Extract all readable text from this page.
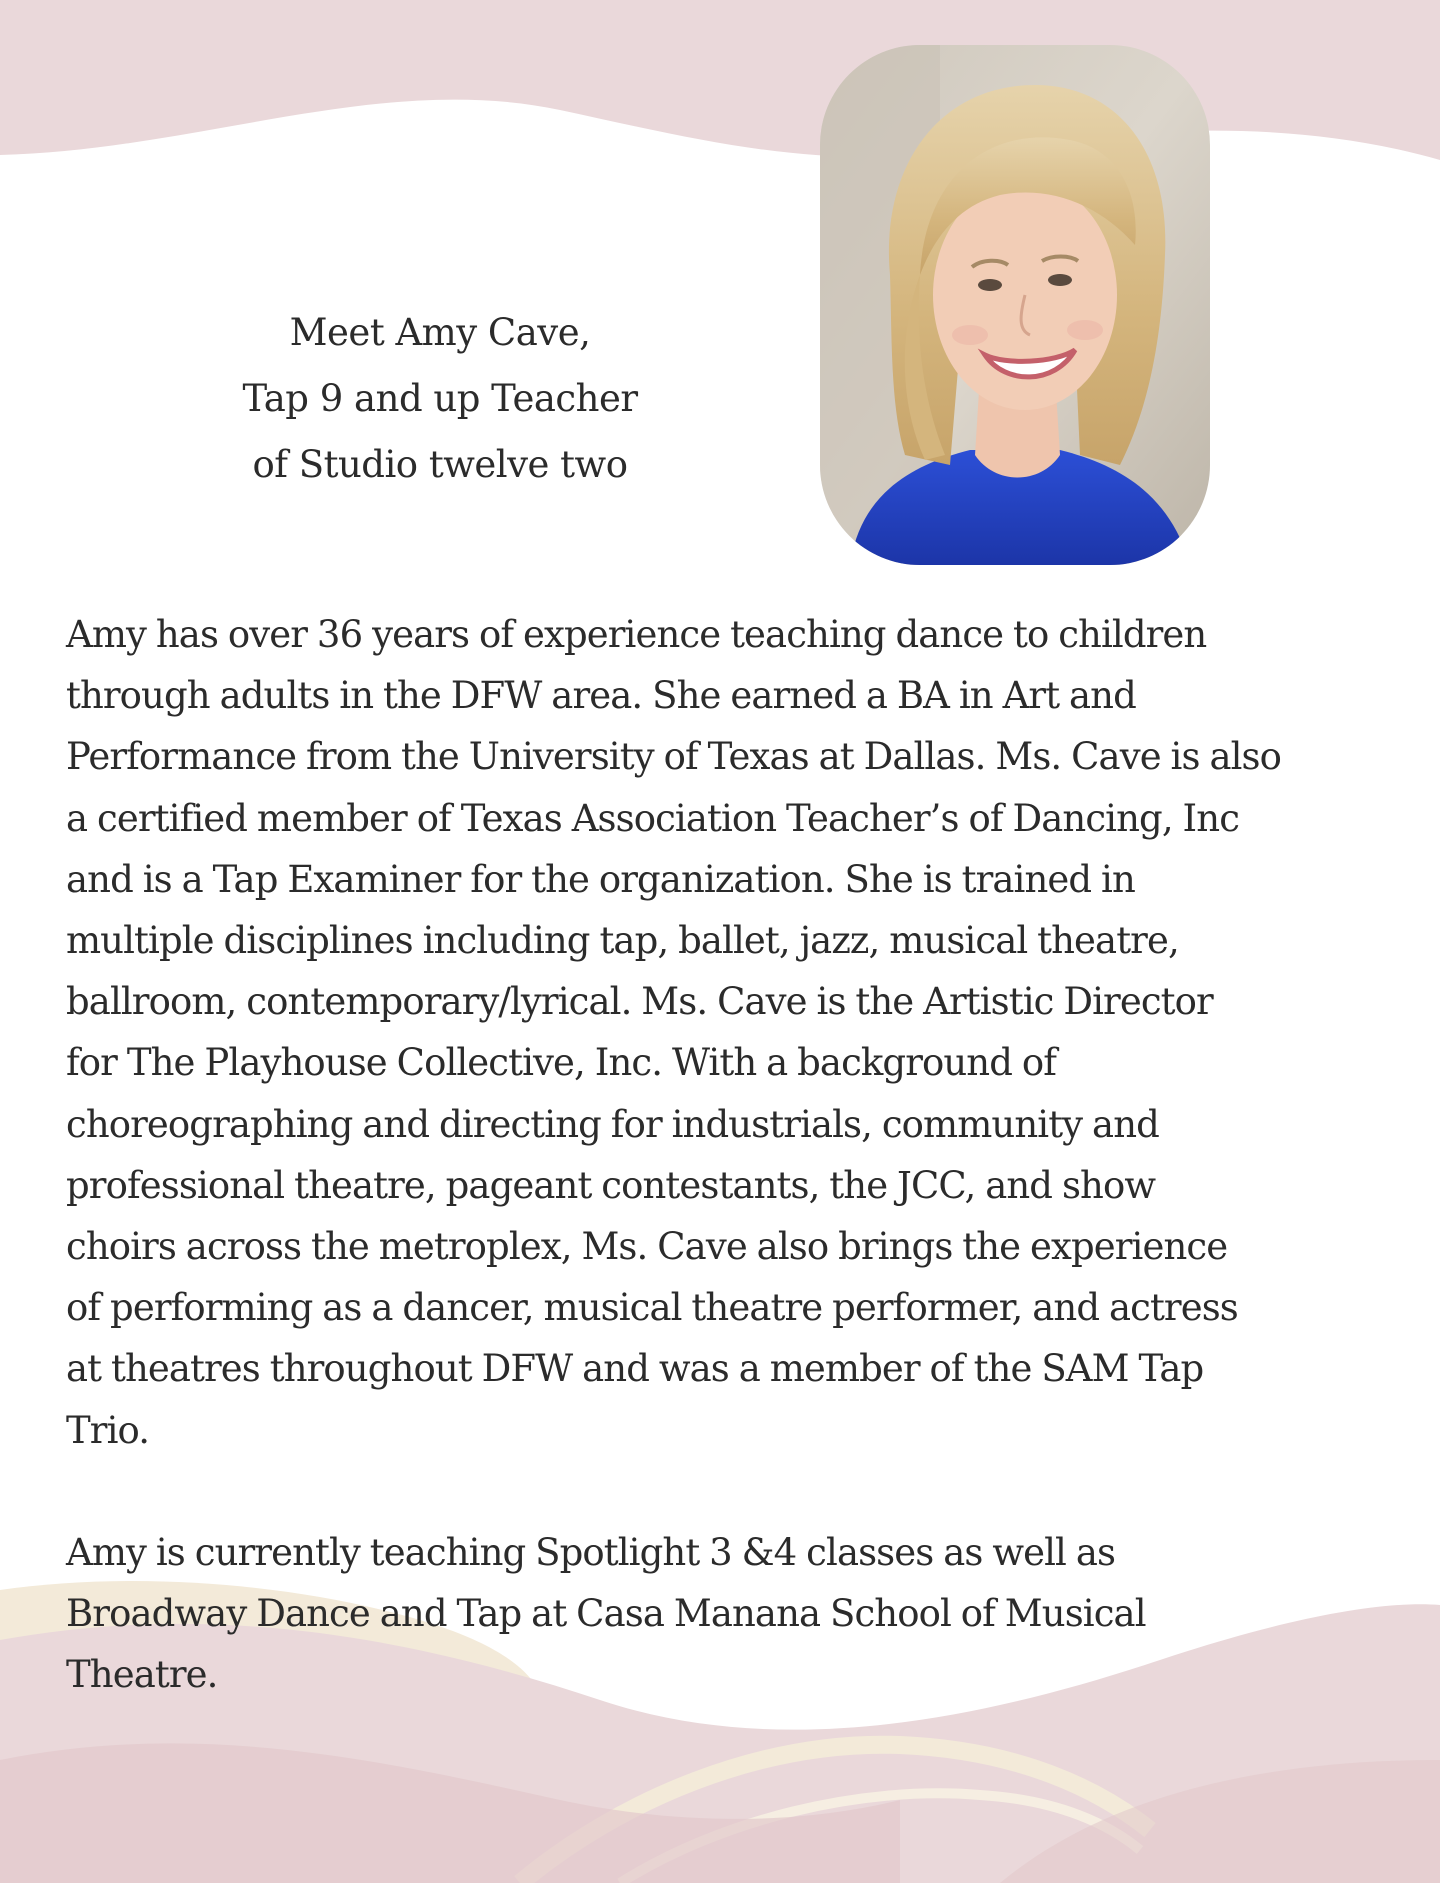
Meet Amy Cave,
Tap 9 and up Teacher
of Studio twelve two
Amy has over 36 years of experience teaching dance to children
through adults in the DFW area. She earned a BA in Art and
Performance from the University of Texas at Dallas. Ms. Cave is also
a certified member of Texas Association Teacher’s of Dancing, Inc
and is a Tap Examiner for the organization. She is trained in
multiple disciplines including tap, ballet, jazz, musical theatre,
ballroom, contemporary/lyrical. Ms. Cave is the Artistic Director
for The Playhouse Collective, Inc. With a background of
choreographing and directing for industrials, community and
professional theatre, pageant contestants, the JCC, and show
choirs across the metroplex, Ms. Cave also brings the experience
of performing as a dancer, musical theatre performer, and actress
at theatres throughout DFW and was a member of the SAM Tap
Trio.
Amy is currently teaching Spotlight 3 &4 classes as well as
Broadway Dance and Tap at Casa Manana School of Musical
Theatre.
